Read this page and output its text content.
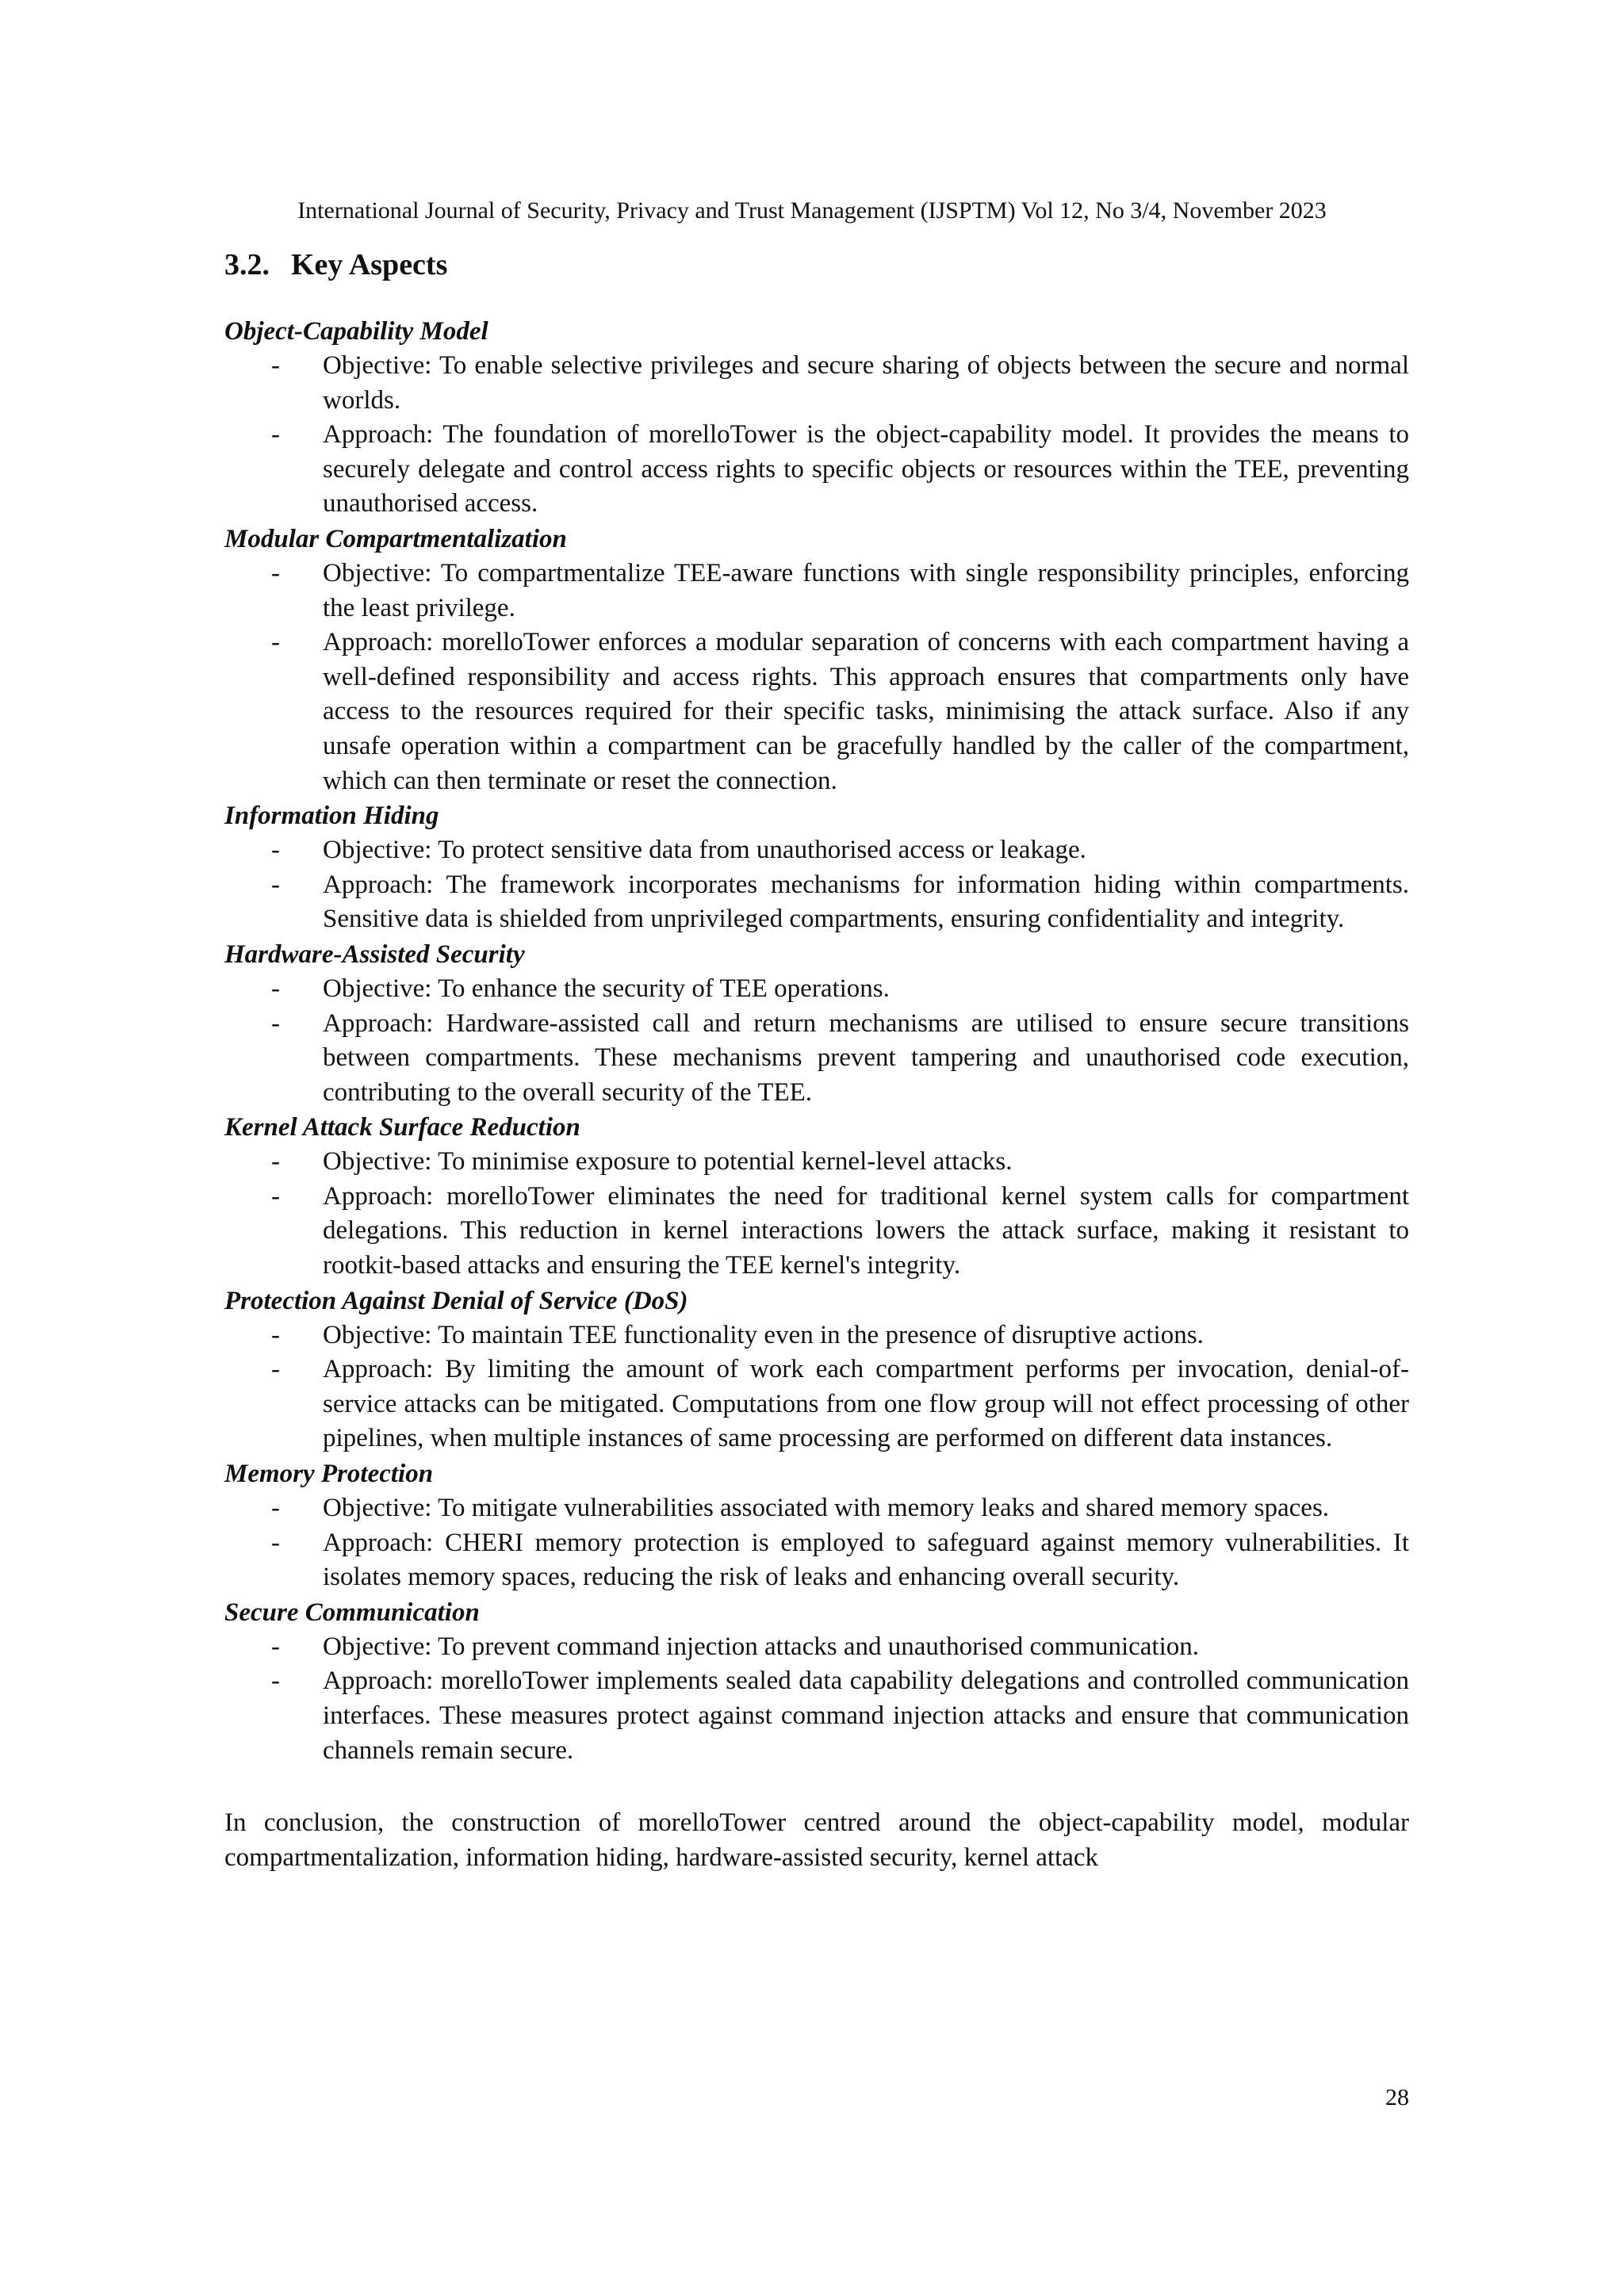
International Journal of Security, Privacy and Trust Management (IJSPTM) Vol 12, No 3/4, November 2023
3.2. Key Aspects
Object-Capability Model
- Objective: To enable selective privileges and secure sharing of objects between the secure and normal worlds.
- Approach: The foundation of morelloTower is the object-capability model. It provides the means to securely delegate and control access rights to specific objects or resources within the TEE, preventing unauthorised access.
Modular Compartmentalization
- Objective: To compartmentalize TEE-aware functions with single responsibility principles, enforcing the least privilege.
- Approach: morelloTower enforces a modular separation of concerns with each compartment having a well-defined responsibility and access rights. This approach ensures that compartments only have access to the resources required for their specific tasks, minimising the attack surface. Also if any unsafe operation within a compartment can be gracefully handled by the caller of the compartment, which can then terminate or reset the connection.
Information Hiding
- Objective: To protect sensitive data from unauthorised access or leakage.
- Approach: The framework incorporates mechanisms for information hiding within compartments. Sensitive data is shielded from unprivileged compartments, ensuring confidentiality and integrity.
Hardware-Assisted Security
- Objective: To enhance the security of TEE operations.
- Approach: Hardware-assisted call and return mechanisms are utilised to ensure secure transitions between compartments. These mechanisms prevent tampering and unauthorised code execution, contributing to the overall security of the TEE.
Kernel Attack Surface Reduction
- Objective: To minimise exposure to potential kernel-level attacks.
- Approach: morelloTower eliminates the need for traditional kernel system calls for compartment delegations. This reduction in kernel interactions lowers the attack surface, making it resistant to rootkit-based attacks and ensuring the TEE kernel's integrity.
Protection Against Denial of Service (DoS)
- Objective: To maintain TEE functionality even in the presence of disruptive actions.
- Approach: By limiting the amount of work each compartment performs per invocation, denial-of-service attacks can be mitigated. Computations from one flow group will not effect processing of other pipelines, when multiple instances of same processing are performed on different data instances.
Memory Protection
- Objective: To mitigate vulnerabilities associated with memory leaks and shared memory spaces.
- Approach: CHERI memory protection is employed to safeguard against memory vulnerabilities. It isolates memory spaces, reducing the risk of leaks and enhancing overall security.
Secure Communication
- Objective: To prevent command injection attacks and unauthorised communication.
- Approach: morelloTower implements sealed data capability delegations and controlled communication interfaces. These measures protect against command injection attacks and ensure that communication channels remain secure.

In conclusion, the construction of morelloTower centred around the object-capability model, modular compartmentalization, information hiding, hardware-assisted security, kernel attack

28
